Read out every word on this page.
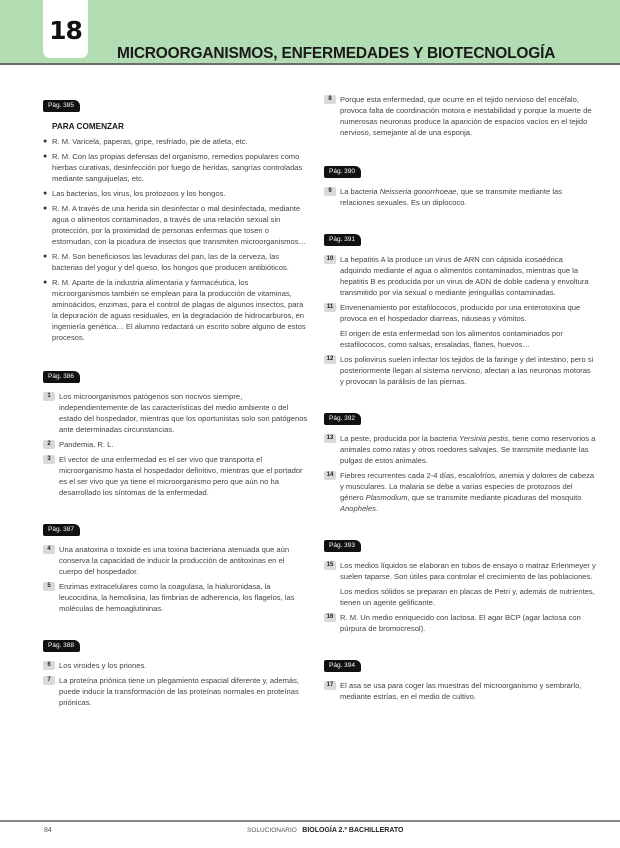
18
MICROORGANISMOS, ENFERMEDADES Y BIOTECNOLOGÍA
Pág. 385
PARA COMENZAR
● R. M. Varicela, paperas, gripe, resfriado, pie de atleta, etc.
● R. M. Con las propias defensas del organismo, remedios populares como hierbas curativas, desinfección por fuego de heridas, sangrías controladas mediante sanguijuelas, etc.
● Las bacterias, los virus, los protozoos y los hongos.
● R. M. A través de una herida sin desinfectar o mal desinfectada, mediante agua o alimentos contaminados, a través de una relación sexual sin protección, por la proximidad de personas enfermas que tosen o estornudan, con la picadura de insectos que transmiten microorganismos…
● R. M. Son beneficiosos las levaduras del pan, las de la cerveza, las bacterias del yogur y del queso, los hongos que producen antibióticos.
● R. M. Aparte de la industria alimentaria y farmacéutica, los microorganismos también se emplean para la producción de vitaminas, aminoácidos, enzimas, para el control de plagas de algunos insectos, para la depuración de aguas residuales, en la degradación de hidrocarburos, en ingeniería genética… El alumno redactará un escrito sobre alguno de estos procesos.
Pág. 386
1	Los microorganismos patógenos son nocivos siempre, independientemente de las características del medio ambiente o del estado del hospedador, mientras que los oportunistas solo son patógenos ante determinadas circunstancias.
2	Pandemia. R. L.
3	El vector de una enfermedad es el ser vivo que transporta el microorganismo hasta el hospedador definitivo, mientras que el portador es el ser vivo que ya tiene el microorganismo pero que aún no ha desarrollado los síntomas de la enfermedad.
Pág. 387
4	Una anatoxina o toxoide es una toxina bacteriana atenuada que aún conserva la capacidad de inducir la producción de antitoxinas en el cuerpo del hospedador.
5	Enzimas extracelulares como la coagulasa, la hialuronidasa, la leucocidina, la hemolisina, las fimbrias de adherencia, los flagelos, las moléculas de hemoaglutininas.
Pág. 388
6	Los viroides y los priones.
7	La proteína priónica tiene un plegamiento espacial diferente y, además, puede inducir la transformación de las proteínas normales en proteínas priónicas.
8	Porque esta enfermedad, que ocurre en el tejido nervioso del encéfalo, provoca falta de coordinación motora e inestabilidad y porque la muerte de numerosas neuronas produce la aparición de espacios vacíos en el tejido nervioso, semejante al de una esponja.
Pág. 390
9	La bacteria Neisseria gonorrhoeae, que se transmite mediante las relaciones sexuales. Es un diplococo.
Pág. 391
10 La hepatitis A la produce un virus de ARN con cápsida icosaédrica adquirido mediante el agua o alimentos contaminados, mientras que la hepatitis B es producida por un virus de ADN de doble cadena y envoltura transmitido por vía sexual o mediante jeringuillas contaminadas.
11 Envenenamiento por estafilococos, producido por una enterotoxina que provoca en el hospedador diarreas, náuseas y vómitos.

El origen de esta enfermedad son los alimentos contaminados por estafilococos, como salsas, ensaladas, flanes, huevos…

12 Los poliovirus suelen infectar los tejidos de la faringe y del intestino, pero si posteriormente llegan al sistema nervioso, afectan a las neuronas motoras y provocan la parálisis de las piernas.
Pág. 392
13 La peste, producida por la bacteria Yersinia pestis, tiene como reservorios a animales como ratas y otros roedores salvajes. Se transmite mediante las pulgas de estos animales.
14 Fiebres recurrentes cada 2-4 días, escalofríos, anemia y dolores de cabeza y musculares. La malaria se debe a varias especies de protozoos del género Plasmodium, que se transmite mediante picaduras del mosquito Anopheles.
Pág. 393
15 Los medios líquidos se elaboran en tubos de ensayo o matraz Erlenmeyer y suelen taparse. Son útiles para controlar el crecimiento de las poblaciones.

Los medios sólidos se preparan en placas de Petri y, además de nutrientes, tienen un agente gelificante.

16 R. M. Un medio enriquecido con lactosa. El agar BCP (agar lactosa con púrpura de bromocresol).
Pág. 394
17 El asa se usa para coger las muestras del microorganismo y sembrarlo, mediante estrías, en el medio de cultivo.
84	SOLUCIONARIO BIOLOGÍA 2.º BACHILLERATO
